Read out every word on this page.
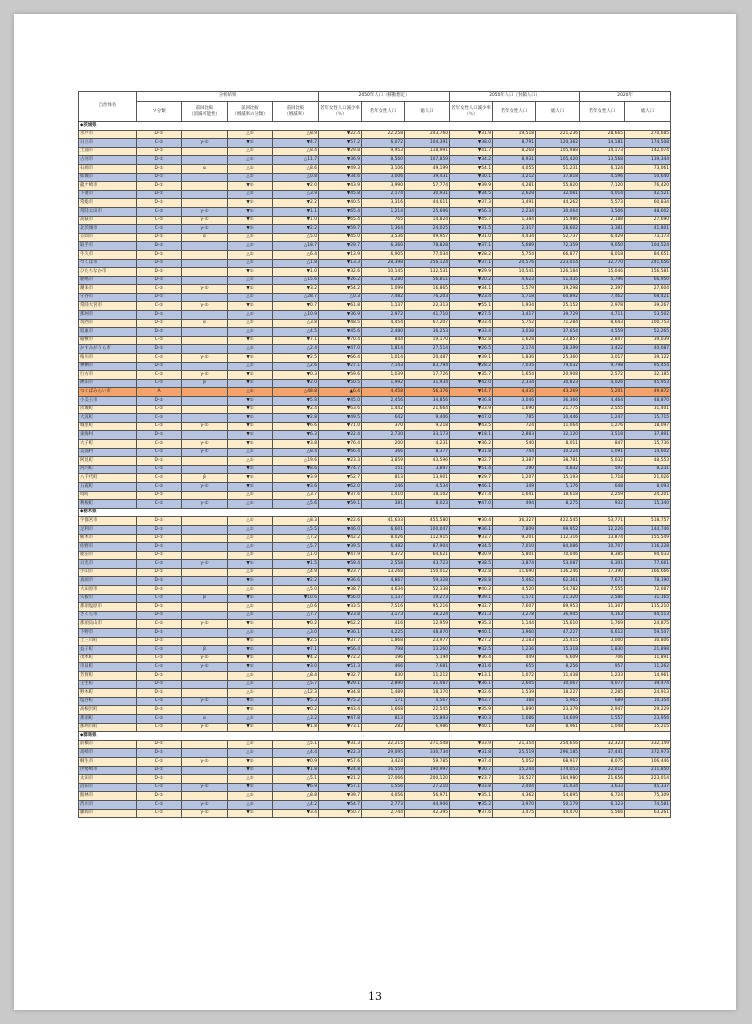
自治体名	分析結果				2050年人口（移動想定）			2050年人口（封鎖人口）			2020年	
	９分類	前回比較
（消滅可能性）	前回比較
（増減率の分類）	前回比較
（増減率）	若年女性人口減少率（％）	若年女性人口	総人口	若年女性人口減少率（％）	若年女性人口	総人口	若年女性人口	総人口

◆茨城県												
水戸市	D-①		△②	△8.9	▼22.4	22,258	243,760	▼31.9	19,518	221,236	28,665	270,685
日立市	C-②	γ-②	▼②	▼4.7	▼57.2	6,072	104,391	▼38.0	8,791	120,362	14,181	174,508
土浦市	D-①		△②	△8.4	▼29.8	9,953	118,991	▼41.7	8,268	105,988	14,173	142,074
古河市	D-①		△②	△11.7	▼36.9	8,560	107,859	▼34.2	8,931	105,420	13,568	139,344
石岡市	D-①	α	△②	△8.6	▼49.3	3,106	49,199	▼54.1	4,055	51,231	6,124	73,061
結城市	D-①		△②	△0.8	▼34.6	3,006	39,431	▼30.1	3,212	37,818	4,596	50,640
龍ケ崎市	D-①		▼②	▼2.0	▼43.9	3,990	57,774	▼39.9	4,281	55,820	7,120	76,420
下妻市	D-①		△②	△3.9	▼45.8	2,174	30,931	▼34.5	2,628	32,081	4,014	42,521
常総市	D-①		▼②	▼2.2	▼40.5	3,316	44,611	▼37.3	3,491	44,262	5,573	60,834
常陸太田市	C-②	γ-②	▼②	▼1.1	▼65.4	1,214	25,696	▼56.3	2,234	30,064	3,506	48,602
高萩市	C-②	γ-②	▼②	▼1.0	▼65.4	765	14,824	▼45.7	1,384	15,986	2,188	27,690
北茨城市	C-②	γ-②	▼②	▼2.2	▼59.7	1,364	24,025	▼31.5	2,317	28,602	3,381	41,801
笠間市	D-①	α	△②	△5.0	▼45.0	3,536	49,957	▼31.0	4,434	52,737	6,429	73,173
取手市	D-①		△②	△18.7	▼29.7	6,360	78,828	▼37.1	5,689	72,359	9,050	104,524
牛久市	D-①		△②	△6.4	▼13.9	6,905	77,034	▼28.2	5,754	66,877	8,018	84,651
つくば市	D-①		△②	△1.8	▼13.3	28,398	256,124	▼37.1	20,576	223,014	32,770	241,656
ひたちなか市	D-①		▼②	▼1.0	▼32.6	10,145	132,531	▼29.9	10,541	126,184	15,046	156,581
鹿嶋市	D-①		△②	△15.6	▼26.2	4,280	56,811	▼20.2	4,623	51,435	5,796	66,950
潮来市	C-②	γ-②	▼②	▼3.2	▼54.2	1,099	16,865	▼34.1	1,579	19,298	2,397	27,604
守谷市	D-①		△②	△28.7	△0.3	7,482	76,203	▼23.4	5,718	60,892	7,462	68,421
常陸大宮市	C-②	γ-②	▼②	▼0.7	▼61.8	1,137	22,313	▼55.1	1,934	25,152	2,978	39,267
那珂市	D-①		△②	△10.9	▼36.9	2,972	41,710	▼27.5	3,417	39,729	4,711	53,502
筑西市	D-①	α	△②	△3.8	▼48.5	4,454	67,207	▼33.4	5,752	71,284	8,643	100,753
坂東市	D-①		△②	△4.5	▼45.6	2,480	36,253	▼33.4	3,038	37,654	4,559	52,265
稲敷市	C-②		▼②	▼7.1	▼70.4	844	19,170	▼42.8	1,628	23,857	2,847	39,039
かすみがうら市	D-①		△②	△2.4	▼47.0	1,814	27,514	▼26.5	2,174	28,399	3,422	40,087
桜川市	C-②	γ-②	▼②	▼2.5	▼66.4	1,014	20,487	▼39.1	1,836	25,360	3,017	39,122
神栖市	D-①		△②	△2.6	▼27.1	7,143	83,794	▼28.2	7,035	79,032	9,798	95,454
行方市	C-②	γ-②	▼②	▼0.3	▼59.6	1,039	17,726	▼35.7	1,654	20,908	2,572	32,185
鉾田市	C-②	β	▼②	▼2.0	▼50.5	1,992	31,934	▼42.0	2,334	30,823	4,026	45,953
つくばみらい市	A		△②	△48.8	▲6.4	4,458	56,376	▼14.7	4,435	43,269	5,201	49,872
小美玉市	D-①		▼②	▼5.8	▼45.0	2,456	34,856	▼36.8	3,046	36,366	4,464	48,870
茨城町	C-②		▼②	▼2.4	▼63.6	1,442	21,664	▼33.9	1,690	21,775	2,555	31,401
大洗町	C-②		▼②	▼2.8	▼49.5	642	9,406	▼47.0	785	10,446	1,247	15,715
城里町	C-②	γ-②	▼②	▼6.6	▼71.0	370	9,218	▼43.5	724	11,064	1,276	18,097
東海村	D-①		▼②	▼6.3	▼22.4	2,730	33,173	▼18.1	2,883	32,120	3,518	37,891
大子町	C-②	γ-②	▼②	▼3.8	▼76.4	200	4,231	▼36.2	540	8,011	847	15,736
美浦村	C-②	γ-①	△②	△8.4	▼66.4	366	8,377	▼31.8	744	10,224	1,091	14,602
阿見町	D-①		△②	△19.6	▼23.3	3,859	43,596	▼32.7	3,387	38,781	5,032	48,553
河内町	C-②		▼②	▼8.6	▼74.7	151	3,897	▼51.4	290	4,832	597	8,231
八千代町	C-②	β	▼②	▼3.9	▼52.7	813	13,901	▼29.7	1,207	15,193	1,718	21,026
五霞町	C-②	γ-②	▼②	▼3.6	▼62.0	246	4,534	▼46.1	349	5,176	648	8,093
境町	D-①		△②	△3.7	▼37.6	1,410	18,102	▼27.4	1,641	18,618	2,259	24,201
利根町	C-②	γ-②	△②	△5.6	▼59.1	381	8,023	▼47.0	494	8,275	932	15,340
◆栃木県												
宇都宮市	D-①		△②	△8.3	▼22.6	41,633	455,580	▼30.4	36,327	422,545	53,771	518,757
足利市	D-①		△②	△5.5	▼46.0	6,601	100,047	▼36.1	7,809	99,952	12,226	144,746
栃木市	D-①		△②	△7.2	▼42.2	8,026	112,915	▼33.7	9,201	112,316	13,874	155,549
佐野市	D-①		△②	△5.7	▼39.5	6,482	87,904	▼34.5	7,010	84,086	10,707	116,228
鹿沼市	D-①		△②	△1.0	▼47.9	4,372	64,621	▼30.9	5,801	70,046	8,385	94,033
日光市	C-②	γ-②	▼②	▼1.5	▼59.4	2,558	43,723	▼38.5	3,874	53,087	6,301	77,661
小山市	D-①		△②	△4.9	▼23.7	13,268	150,012	▼32.8	11,690	136,246	17,390	166,666
真岡市	D-①		▼②	▼2.2	▼36.6	4,867	59,328	▼28.8	5,462	62,361	7,671	78,190
大田原市	D-①		△②	△5.0	▼38.7	4,634	52,338	▼40.2	4,520	54,782	7,555	72,087
矢板市	C-②	β	▼②	▼10.6	▼56.0	1,137	19,273	▼39.1	1,571	21,320	2,586	31,165
那須塩原市	D-①		△②	△0.6	▼33.5	7,516	95,216	▼32.7	7,607	89,953	11,307	115,210
さくら市	D-①		△②	△7.7	▼23.8	3,173	38,224	▼21.3	3,278	36,945	4,163	44,513
那須烏山市	C-②	γ-②	▼②	▼0.2	▼62.2	416	12,959	▼35.3	1,144	15,610	1,769	24,875
下野市	D-①		△②	△3.0	▼36.1	4,225	48,870	▼40.1	3,960	47,227	6,612	59,507
上三川町	D-①		▼②	▼2.5	▼37.7	1,868	23,977	▼27.2	2,183	25,415	3,000	30,806
益子町	C-②	β	▼②	▼7.1	▼56.4	798	13,260	▼32.5	1,236	15,318	1,830	21,898
茂木町	C-②	γ-②	▼②	▼4.2	▼72.2	196	5,194	▼36.4	449	6,609	706	11,891
市貝町	C-②	γ-②	▼②	▼3.0	▼51.3	466	7,681	▼31.6	655	8,256	957	11,262
芳賀町	D-①		△②	△8.4	▼32.7	830	11,212	▼13.1	1,072	11,438	1,233	14,961
壬生町	D-①		△②	△5.7	▼29.1	2,890	31,487	▼36.1	2,605	30,067	4,077	39,474
野木町	D-①		△②	△12.3	▼34.8	1,489	18,370	▼32.6	1,539	18,227	2,285	24,913
塩谷町	C-②	γ-②	▼②	▼5.3	▼75.2	171	4,567	▼43.7	388	5,965	689	10,354
高根沢町	D-①		▼②	▼0.2	▼43.4	1,668	22,545	▼35.9	1,890	23,379	2,947	29,229
那須町	C-②	α	△②	△3.2	▼47.8	813	15,893	▼30.3	1,086	14,609	1,557	23,956
那珂川町	C-②	γ-②	▼②	▼1.8	▼73.1	282	6,986	▼40.1	628	8,961	1,048	15,215
◆群馬県												
前橋市	D-①		△②	△5.1	▼31.3	22,215	271,548	▼33.9	21,354	254,656	32,323	332,149
高崎市	D-①		△②	△4.4	▼22.3	29,095	330,734	▼31.8	25,519	296,185	37,441	372,973
桐生市	C-②	γ-②	▼②	▼0.9	▼57.6	3,424	59,785	▼37.4	5,052	68,917	8,075	106,446
伊勢崎市	D-①		▼②	▼1.8	▼24.8	16,559	190,997	▼30.7	15,244	174,053	22,012	211,850
太田市	D-①		△②	△5.1	▼21.2	17,066	200,120	▼23.7	16,527	184,980	21,656	223,014
沼田市	C-②	γ-②	▼②	▼6.9	▼57.1	1,556	27,210	▼33.8	2,404	31,034	3,633	45,337
館林市	D-①		△②	△8.8	▼39.7	4,056	56,971	▼35.1	4,362	54,895	6,724	75,309
渋川市	C-②	γ-②	△②	△4.2	▼54.7	2,773	44,906	▼35.2	3,970	50,179	6,123	74,581
藤岡市	C-②	γ-②	▼②	▼3.4	▼50.7	2,744	42,395	▼37.6	3,475	44,470	5,566	63,261
13
